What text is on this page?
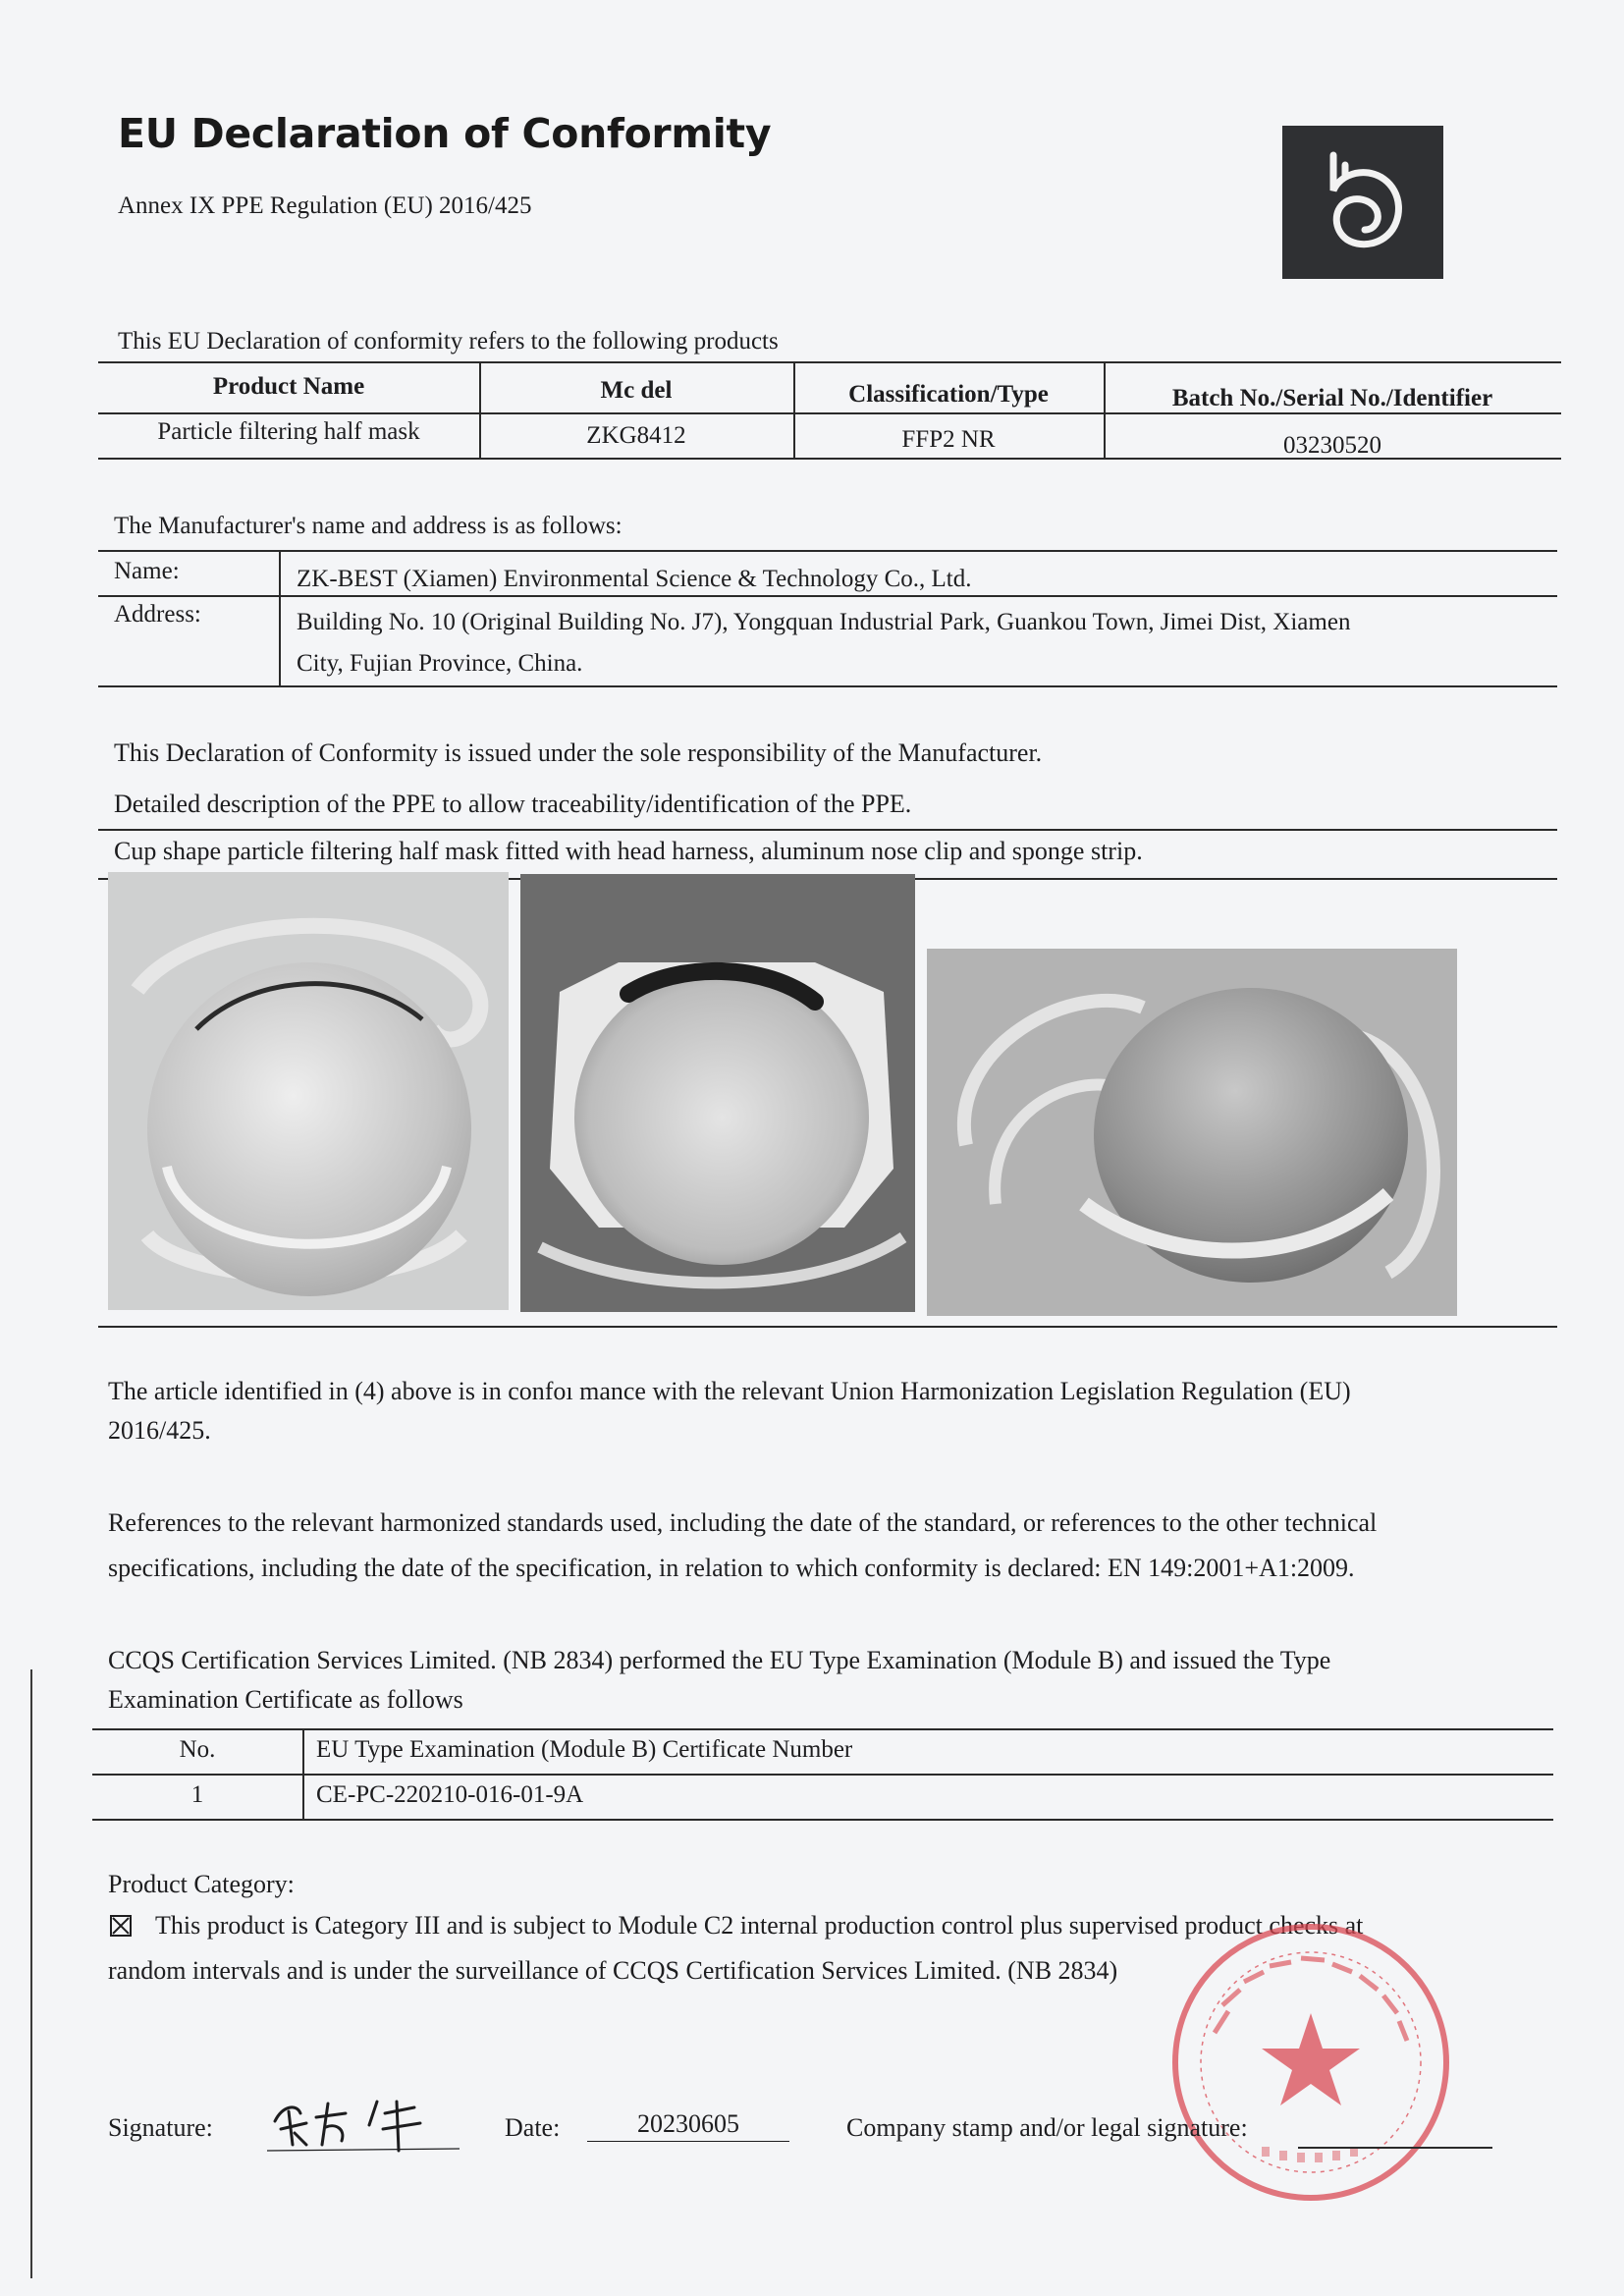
EU Declaration of Conformity
Annex IX PPE Regulation (EU) 2016/425
This EU Declaration of conformity refers to the following products
Product Name	Mc del	Classification/Type	Batch No./Serial No./Identifier
Particle filtering half mask	ZKG8412	FFP2 NR	03230520
The Manufacturer's name and address is as follows:
Name:	ZK-BEST (Xiamen) Environmental Science & Technology Co., Ltd.
Address:	Building No. 10 (Original Building No. J7), Yongquan Industrial Park, Guankou Town, Jimei Dist, Xiamen
City, Fujian Province, China.
This Declaration of Conformity is issued under the sole responsibility of the Manufacturer.
Detailed description of the PPE to allow traceability/identification of the PPE.
Cup shape particle filtering half mask fitted with head harness, aluminum nose clip and sponge strip.
The article identified in (4) above is in confoı mance with the relevant Union Harmonization Legislation Regulation (EU)
2016/425.
References to the relevant harmonized standards used, including the date of the standard, or references to the other technical
specifications, including the date of the specification, in relation to which conformity is declared: EN 149:2001+A1:2009.
CCQS Certification Services Limited. (NB 2834) performed the EU Type Examination (Module B) and issued the Type
Examination Certificate as follows
No.	EU Type Examination (Module B) Certificate Number
1	CE-PC-220210-016-01-9A
Product Category:
This product is Category III and is subject to Module C2 internal production control plus supervised product checks at
random intervals and is under the surveillance of CCQS Certification Services Limited. (NB 2834)
Signature:	Date:	20230605	Company stamp and/or legal signature:
